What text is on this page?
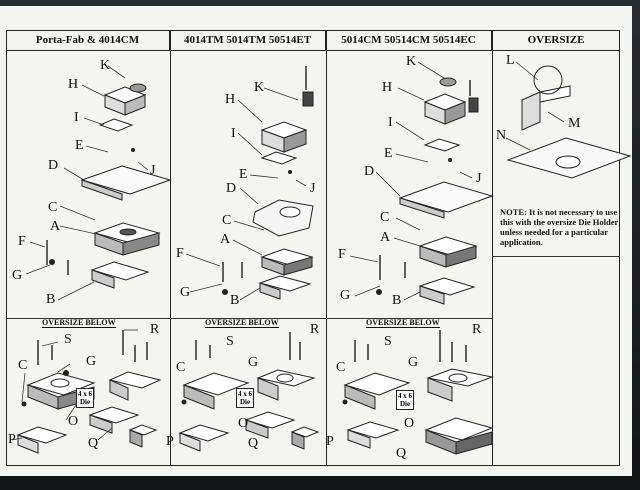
Porta-Fab & 4014CM	4014TM 5014TM 50514ET	5014CM 50514CM 50514EC	OVERSIZE
K
H
I
E
J
D
C
A
F
G
B
K
H
I
E
J
D
C
A
F
G
B
K
H
I
E
J
D
C
A
F
G	B
L
M
N
NOTE: It is not necessary to use this with the oversize Die Holder unless needed for a particular application.
OVERSIZE BELOW	OVERSIZE BELOW	OVERSIZE BELOW
S
R
C	G
O
P	Q
4 x 6
Die
S
R
C	G
O
P	Q
4 x 6
Die
S
R
C	G
O
P
Q
4 x 6
Die
